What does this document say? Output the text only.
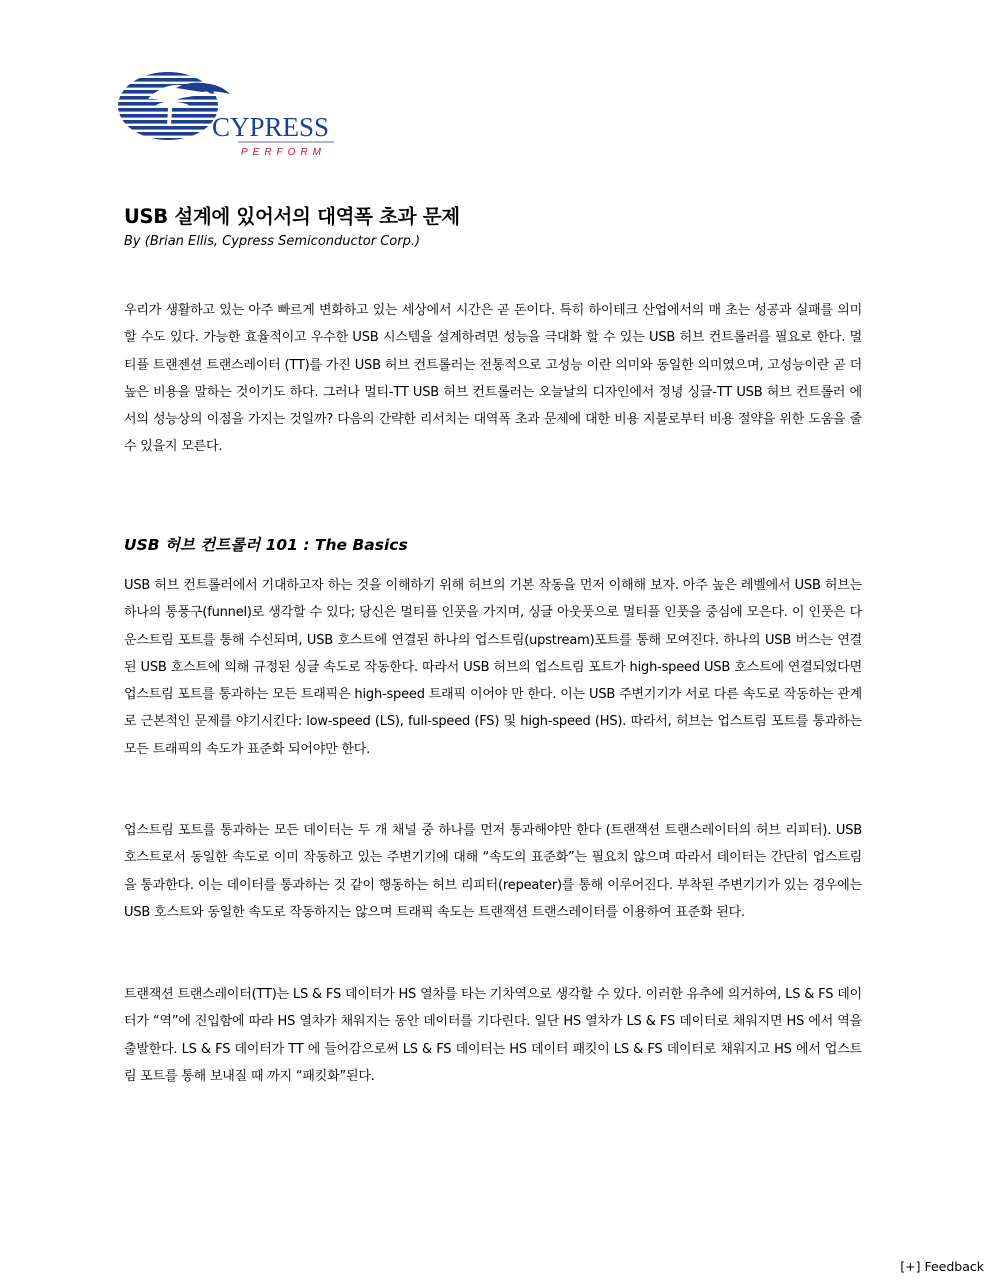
CYPRESS
PERFORM
USB 설계에 있어서의 대역폭 초과 문제

By (Brian Ellis, Cypress Semiconductor Corp.)

우리가 생활하고 있는 아주 빠르게 변화하고 있는 세상에서 시간은 곧 돈이다. 특히 하이테크 산업에서의 매 초는 성공과 실패를 의미할 수도 있다. 가능한 효율적이고 우수한 USB 시스템을 설계하려면 성능을 극대화 할 수 있는 USB 허브 컨트롤러를 필요로 한다. 멀티플 트랜젠션 트랜스레이터 (TT)를 가진 USB 허브 컨트롤러는 전통적으로 고성능 이란 의미와 동일한 의미였으며, 고성능이란 곧 더 높은 비용을 말하는 것이기도 하다. 그러나 멀티-TT USB 허브 컨트롤러는 오늘날의 디자인에서 정녕 싱글-TT USB 허브 컨트롤러 에서의 성능상의 이점을 가지는 것일까? 다음의 간략한 리서치는 대역폭 초과 문제에 대한 비용 지불로부터 비용 절약을 위한 도움을 줄 수 있을지 모른다.

USB 허브 컨트롤러 101 : The Basics

USB 허브 컨트롤러에서 기대하고자 하는 것을 이해하기 위해 허브의 기본 작동을 먼저 이해해 보자. 아주 높은 레벨에서 USB 허브는 하나의 통풍구(funnel)로 생각할 수 있다; 당신은 멀티플 인풋을 가지며, 싱글 아웃풋으로 멀티플 인풋을 중심에 모은다. 이 인풋은 다운스트림 포트를 통해 수신되며, USB 호스트에 연결된 하나의 업스트림(upstream)포트를 통해 모여진다. 하나의 USB 버스는 연결된 USB 호스트에 의해 규정된 싱글 속도로 작동한다. 따라서 USB 허브의 업스트림 포트가 high-speed USB 호스트에 연결되었다면 업스트림 포트를 통과하는 모든 트래픽은 high-speed 트래픽 이어야 만 한다. 이는 USB 주변기기가 서로 다른 속도로 작동하는 관계로 근본적인 문제를 야기시킨다: low-speed (LS), full-speed (FS) 및 high-speed (HS). 따라서, 허브는 업스트림 포트를 통과하는 모든 트래픽의 속도가 표준화 되어야만 한다.

업스트림 포트를 통과하는 모든 데이터는 두 개 채널 중 하나를 먼저 통과해야만 한다 (트랜잭션 트랜스레이터의 허브 리피터). USB 호스트로서 동일한 속도로 이미 작동하고 있는 주변기기에 대해 “속도의 표준화”는 필요치 않으며 따라서 데이터는 간단히 업스트림 을 통과한다. 이는 데이터를 통과하는 것 같이 행동하는 허브 리피터(repeater)를 통해 이루어진다. 부착된 주변기기가 있는 경우에는 USB 호스트와 동일한 속도로 작동하지는 않으며 트래픽 속도는 트랜잭션 트랜스레이터를 이용하여 표준화 된다.

트랜잭션 트랜스레이터(TT)는 LS & FS 데이터가 HS 열차를 타는 기차역으로 생각할 수 있다. 이러한 유추에 의거하여, LS & FS 데이터가 “역”에 진입함에 따라 HS 열차가 채워지는 동안 데이터를 기다린다. 일단 HS 열차가 LS & FS 데이터로 채워지면 HS 에서 역을 출발한다. LS & FS 데이터가 TT 에 들어감으로써 LS & FS 데이터는 HS 데이터 패킷이 LS & FS 데이터로 채워지고 HS 에서 업스트림 포트를 통해 보내질 때 까지 “패킷화”된다.

[+] Feedback
